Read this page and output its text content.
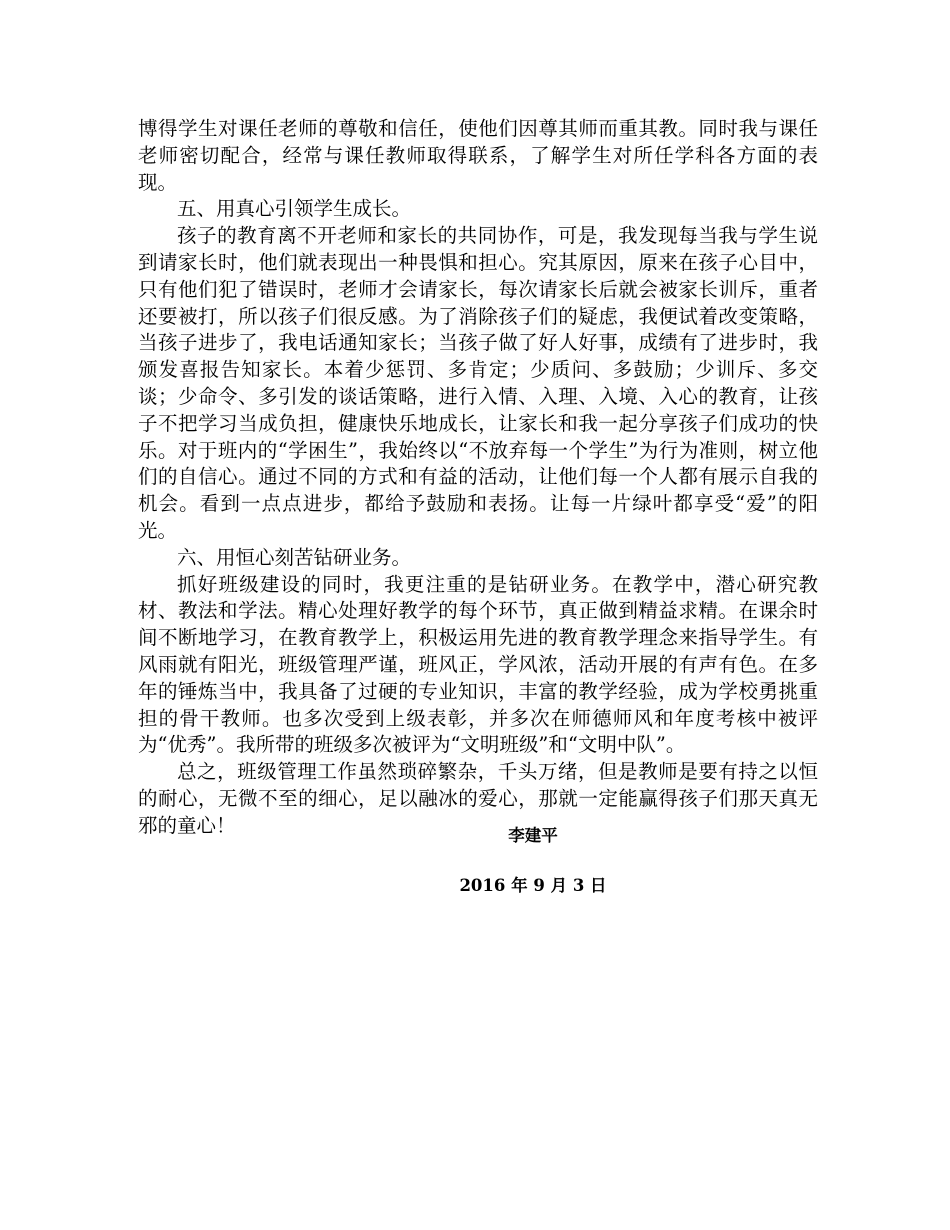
博得学生对课任老师的尊敬和信任，使他们因尊其师而重其教。同时我与课任老师密切配合，经常与课任教师取得联系，了解学生对所任学科各方面的表现。

五、用真心引领学生成长。

孩子的教育离不开老师和家长的共同协作，可是，我发现每当我与学生说到请家长时，他们就表现出一种畏惧和担心。究其原因，原来在孩子心目中，只有他们犯了错误时，老师才会请家长，每次请家长后就会被家长训斥，重者还要被打，所以孩子们很反感。为了消除孩子们的疑虑，我便试着改变策略，当孩子进步了，我电话通知家长；当孩子做了好人好事，成绩有了进步时，我颁发喜报告知家长。本着少惩罚、多肯定；少质问、多鼓励；少训斥、多交谈；少命令、多引发的谈话策略，进行入情、入理、入境、入心的教育，让孩子不把学习当成负担，健康快乐地成长，让家长和我一起分享孩子们成功的快乐。对于班内的“学困生”，我始终以“不放弃每一个学生”为行为准则，树立他们的自信心。通过不同的方式和有益的活动，让他们每一个人都有展示自我的机会。看到一点点进步，都给予鼓励和表扬。让每一片绿叶都享受“爱”的阳光。

六、用恒心刻苦钻研业务。

抓好班级建设的同时，我更注重的是钻研业务。在教学中，潜心研究教材、教法和学法。精心处理好教学的每个环节，真正做到精益求精。在课余时间不断地学习，在教育教学上，积极运用先进的教育教学理念来指导学生。有风雨就有阳光，班级管理严谨，班风正，学风浓，活动开展的有声有色。在多年的锤炼当中，我具备了过硬的专业知识，丰富的教学经验，成为学校勇挑重担的骨干教师。也多次受到上级表彰，并多次在师德师风和年度考核中被评为“优秀”。我所带的班级多次被评为“文明班级”和“文明中队”。

总之，班级管理工作虽然琐碎繁杂，千头万绪，但是教师是要有持之以恒的耐心，无微不至的细心，足以融冰的爱心，那就一定能赢得孩子们那天真无邪的童心！	李建平
2016 年 9 月 3 日
